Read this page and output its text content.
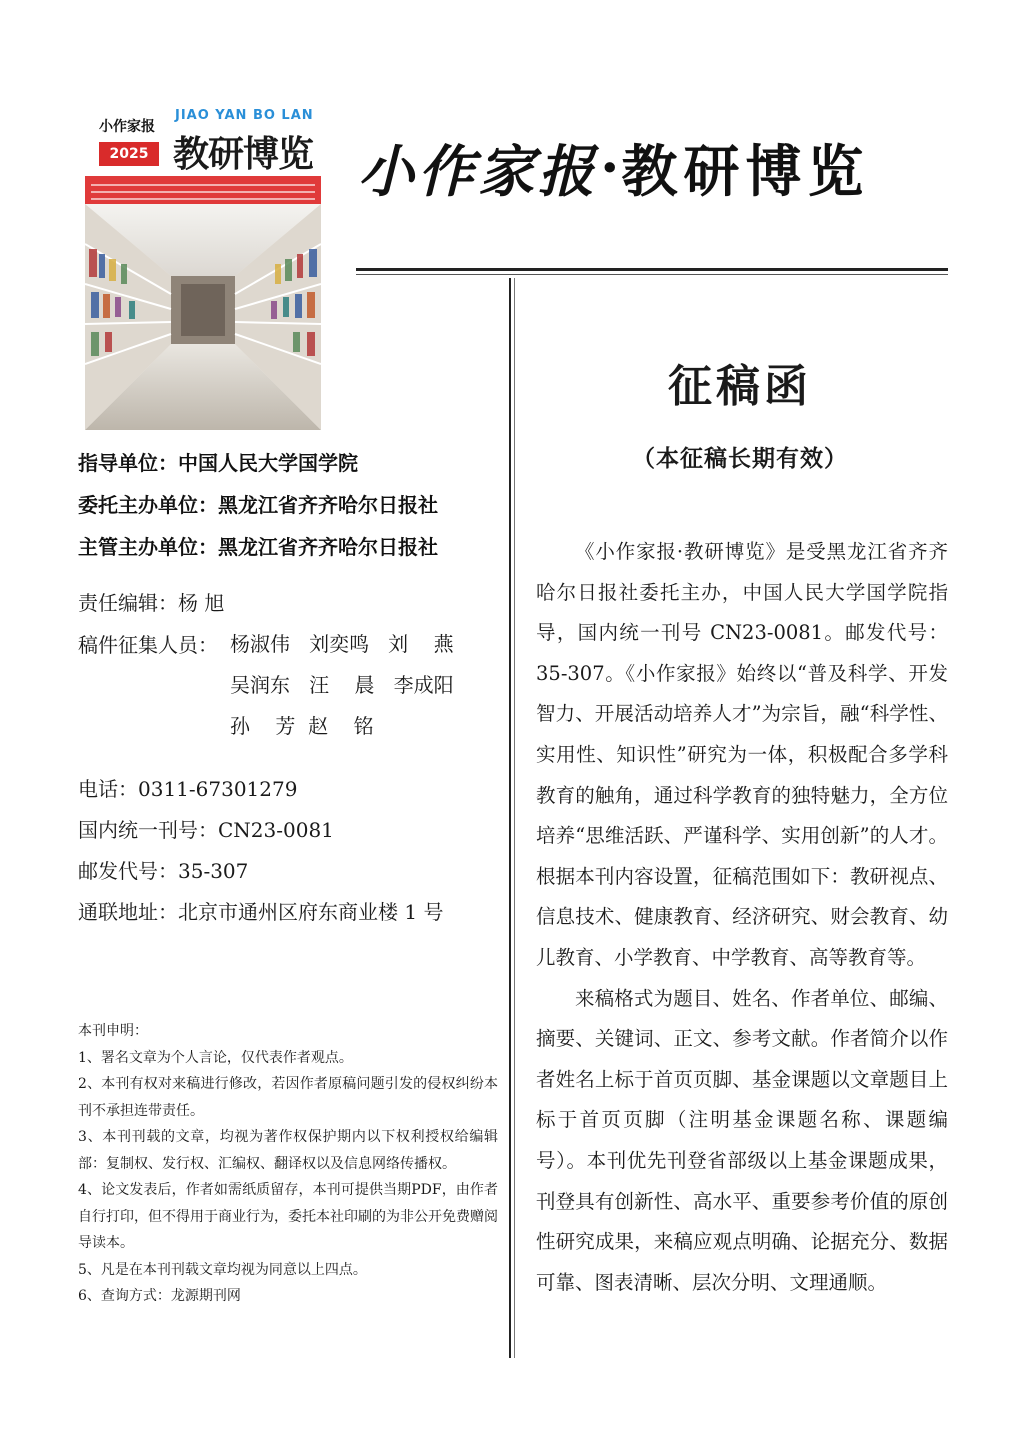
小作家报
2025
JIAO YAN BO LAN
教研博览 小作家报 · 教研博览
指导单位：中国人民大学国学院
委托主办单位：黑龙江省齐齐哈尔日报社
主管主办单位：黑龙江省齐齐哈尔日报社
责任编辑：杨 旭
稿件征集人员： 杨淑伟   刘奕鸣   刘    燕
吴润东   汪    晨   李成阳
孙    芳  赵    铭
电话：0311-67301279
国内统一刊号：CN23-0081
邮发代号：35-307
通联地址：北京市通州区府东商业楼 1 号
本刊申明：
1、署名文章为个人言论，仅代表作者观点。
2、本刊有权对来稿进行修改，若因作者原稿问题引发的侵权纠纷本刊不承担连带责任。
3、本刊刊载的文章，均视为著作权保护期内以下权利授权给编辑部：复制权、发行权、汇编权、翻译权以及信息网络传播权。
4、论文发表后，作者如需纸质留存，本刊可提供当期PDF，由作者自行打印，但不得用于商业行为，委托本社印刷的为非公开免费赠阅导读本。
5、凡是在本刊刊载文章均视为同意以上四点。
6、查询方式：龙源期刊网
征稿函
（本征稿长期有效）

《小作家报·教研博览》是受黑龙江省齐齐哈尔日报社委托主办，中国人民大学国学院指导，国内统一刊号 CN23-0081。邮发代号：35-307。《小作家报》始终以“普及科学、开发智力、开展活动培养人才”为宗旨，融“科学性、实用性、知识性”研究为一体，积极配合多学科教育的触角，通过科学教育的独特魅力，全方位培养“思维活跃、严谨科学、实用创新”的人才。根据本刊内容设置，征稿范围如下：教研视点、信息技术、健康教育、经济研究、财会教育、幼儿教育、小学教育、中学教育、高等教育等。

来稿格式为题目、姓名、作者单位、邮编、摘要、关键词、正文、参考文献。作者简介以作者姓名上标于首页页脚、基金课题以文章题目上标于首页页脚（注明基金课题名称、课题编号）。本刊优先刊登省部级以上基金课题成果，刊登具有创新性、高水平、重要参考价值的原创性研究成果，来稿应观点明确、论据充分、数据可靠、图表清晰、层次分明、文理通顺。
